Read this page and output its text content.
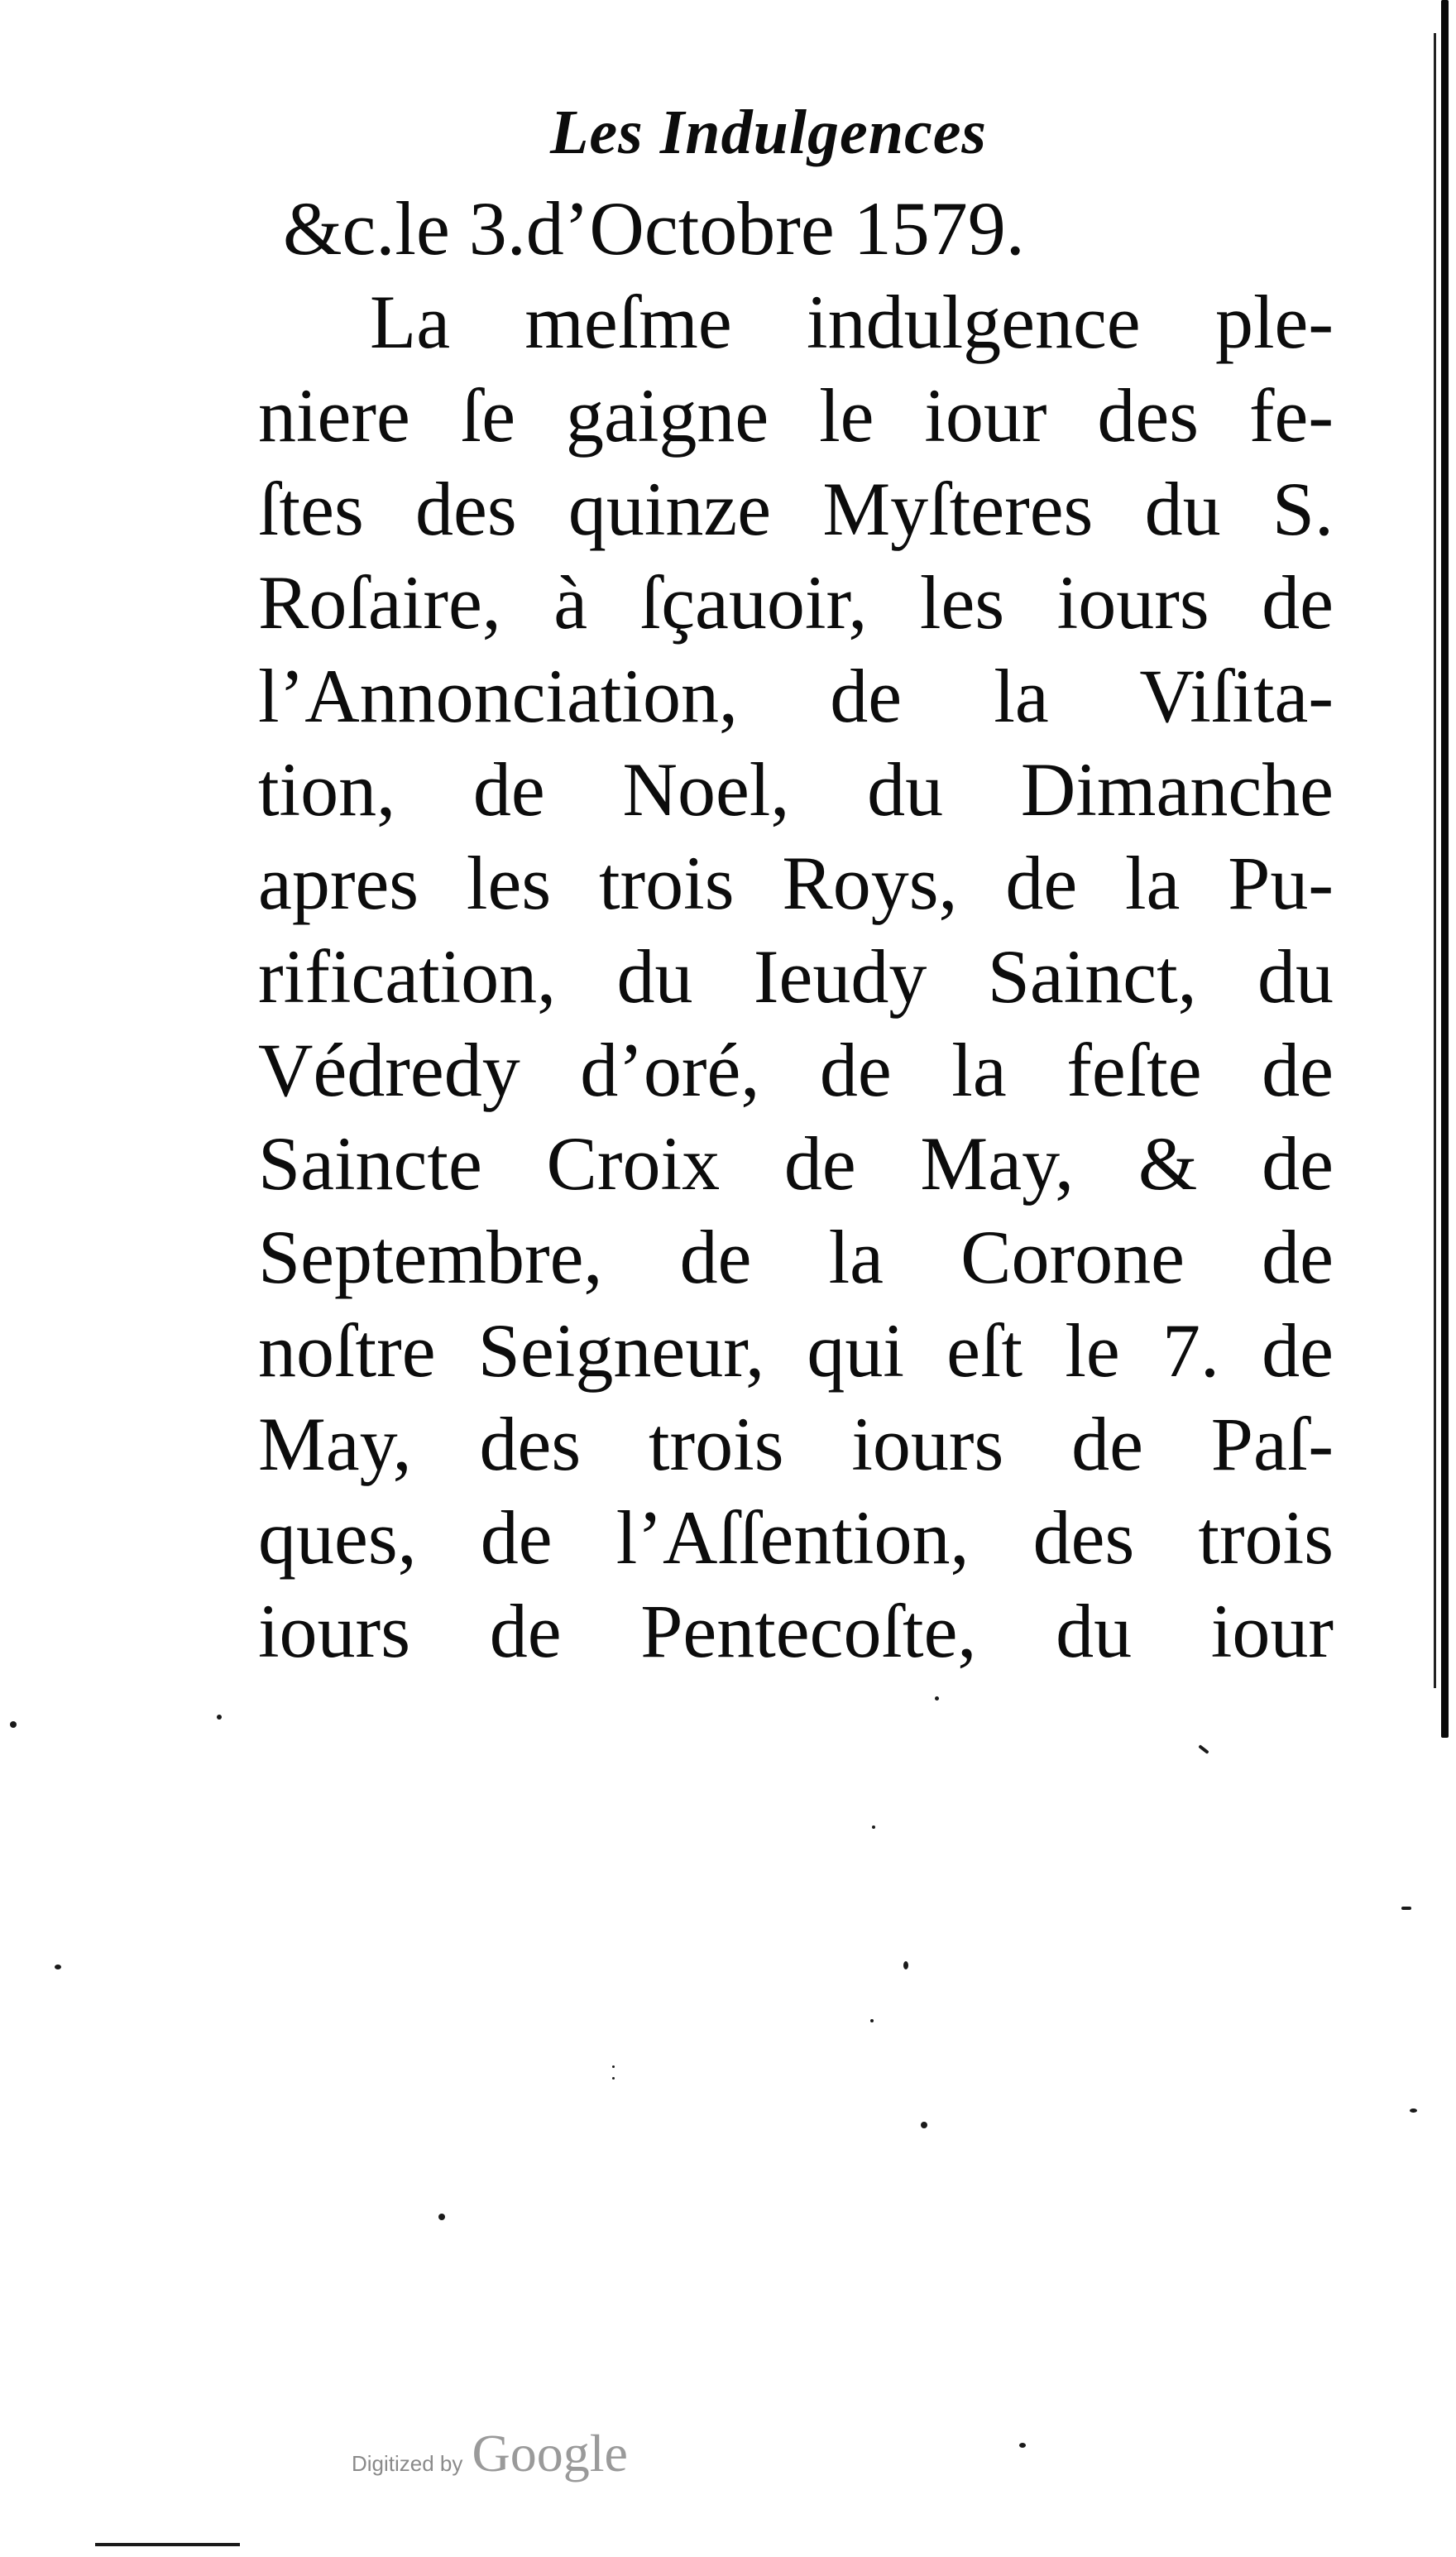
Les Indulgences
&c.le 3.d’Octobre 1579.
La meſme indulgence ple-
niere ſe gaigne le iour des fe-
ſtes des quinze Myſteres du S.
Roſaire, à ſçauoir, les iours de
l’Annonciation, de la Viſita-
tion, de Noel, du Dimanche
apres les trois Roys, de la Pu-
rification, du Ieudy Sainct, du
Védredy d’oré, de la feſte de
Saincte Croix de May, & de
Septembre, de la Corone de
noſtre Seigneur, qui eſt le 7. de
May, des trois iours de Paſ-
ques, de l’Aſſention, des trois
iours de Pentecoſte, du iour
Digitized by Google
